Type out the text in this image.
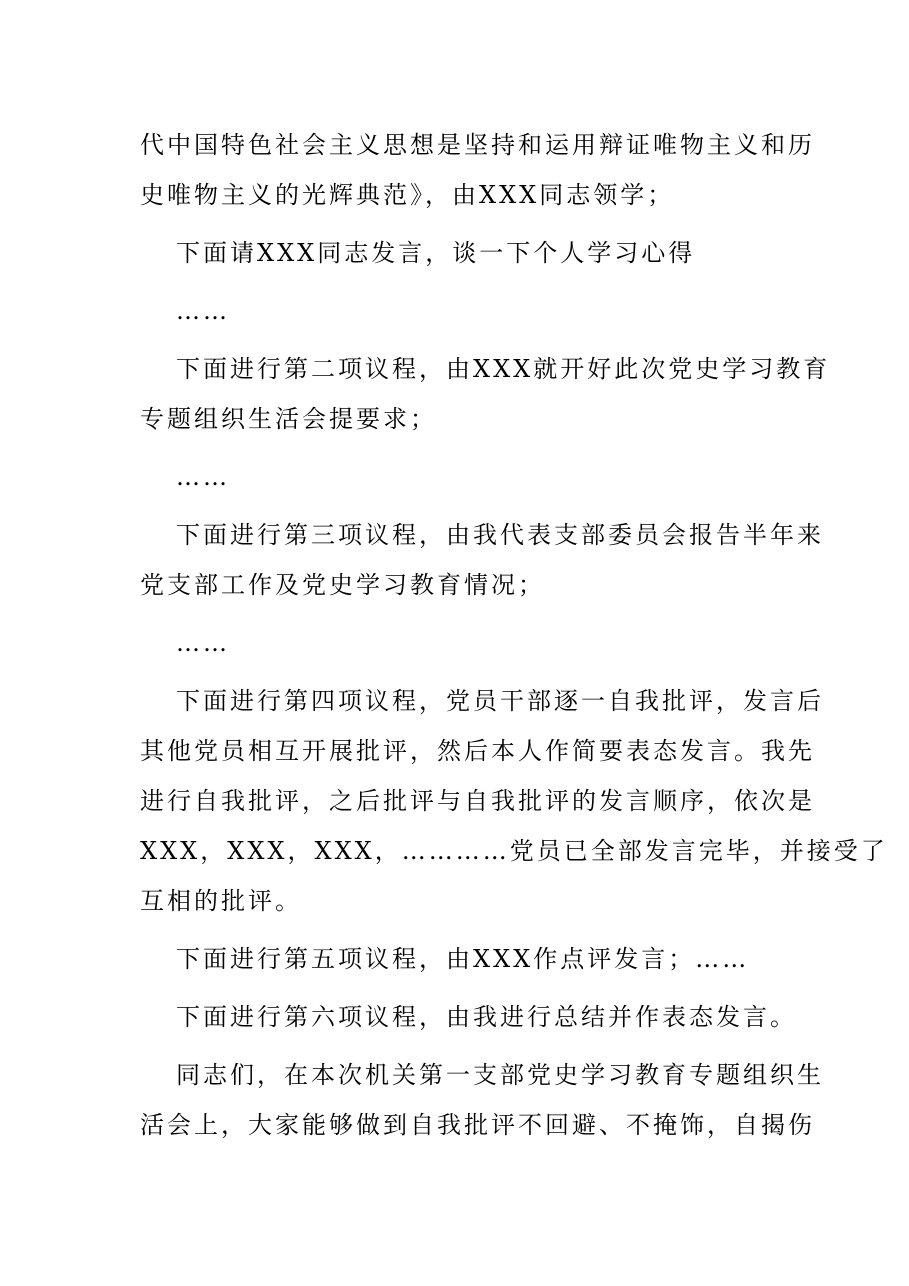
代中国特色社会主义思想是坚持和运用辩证唯物主义和历
史唯物主义的光辉典范》，由XXX同志领学；
下面请XXX同志发言，谈一下个人学习心得
……
下面进行第二项议程，由XXX就开好此次党史学习教育
专题组织生活会提要求；
……
下面进行第三项议程，由我代表支部委员会报告半年来
党支部工作及党史学习教育情况；
……
下面进行第四项议程，党员干部逐一自我批评，发言后
其他党员相互开展批评，然后本人作简要表态发言。我先
进行自我批评，之后批评与自我批评的发言顺序，依次是
XXX，XXX，XXX，…………党员已全部发言完毕，并接受了
互相的批评。
下面进行第五项议程，由XXX作点评发言；……
下面进行第六项议程，由我进行总结并作表态发言。
同志们，在本次机关第一支部党史学习教育专题组织生
活会上，大家能够做到自我批评不回避、不掩饰，自揭伤
